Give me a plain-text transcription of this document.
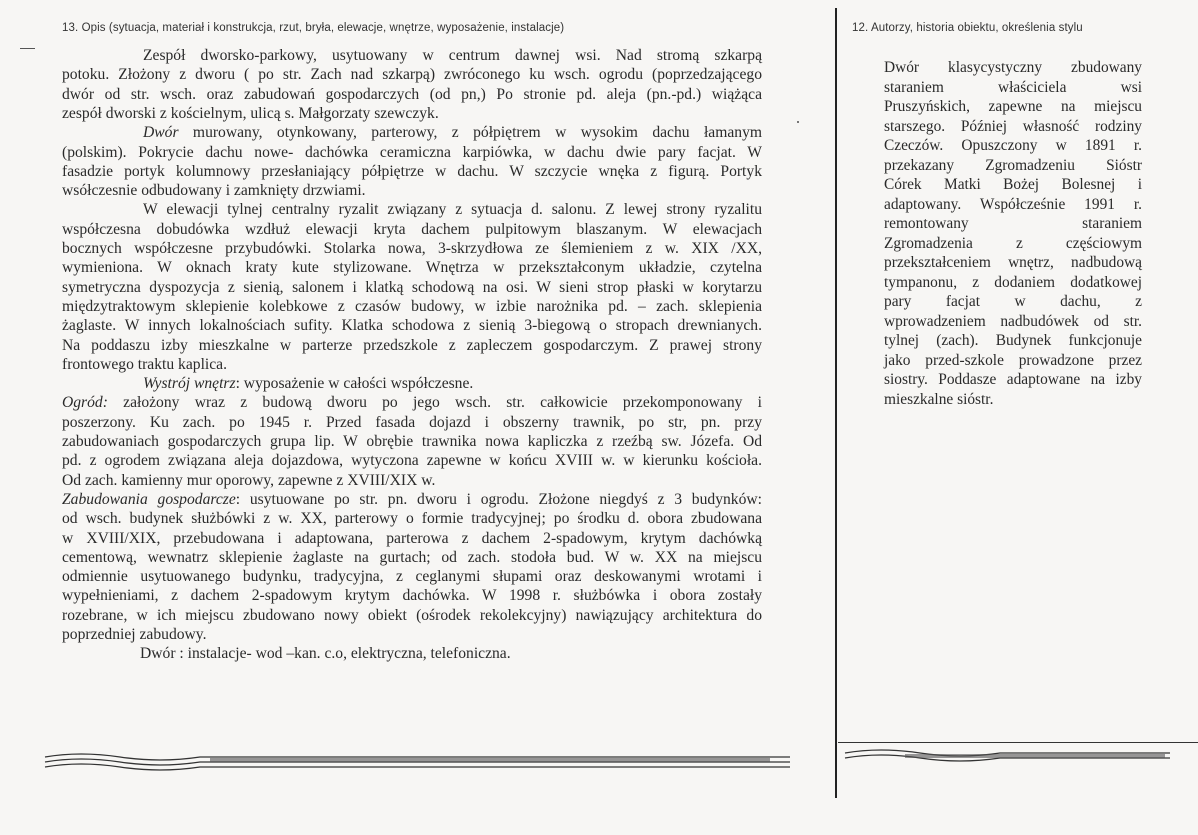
13. Opis (sytuacja, materiał i konstrukcja, rzut, bryła, elewacje, wnętrze, wyposażenie, instalacje)	12. Autorzy, historia obiektu, określenia stylu
Zespół dworsko-parkowy, usytuowany w centrum dawnej wsi. Nad stromą szkarpą
potoku. Złożony z dworu ( po str. Zach nad szkarpą) zwróconego ku wsch. ogrodu (poprzedzającego
dwór od str. wsch. oraz zabudowań gospodarczych (od pn,) Po stronie pd. aleja (pn.-pd.) wiążąca
zespół dworski z kościelnym, ulicą s. Małgorzaty szewczyk.
Dwór murowany, otynkowany, parterowy, z półpiętrem w wysokim dachu łamanym
(polskim). Pokrycie dachu nowe- dachówka ceramiczna karpiówka, w dachu dwie pary facjat. W
fasadzie portyk kolumnowy przesłaniający półpiętrze w dachu. W szczycie wnęka z figurą. Portyk
wsółczesnie odbudowany i zamknięty drzwiami.
W elewacji tylnej centralny ryzalit związany z sytuacja d. salonu. Z lewej strony ryzalitu
współczesna dobudówka wzdłuż elewacji kryta dachem pulpitowym blaszanym. W elewacjach
bocznych współczesne przybudówki. Stolarka nowa, 3-skrzydłowa ze ślemieniem z w. XIX /XX,
wymieniona. W oknach kraty kute stylizowane. Wnętrza w przekształconym układzie, czytelna
symetryczna dyspozycja z sienią, salonem i klatką schodową na osi. W sieni strop płaski w korytarzu
międzytraktowym sklepienie kolebkowe z czasów budowy, w izbie narożnika pd. – zach. sklepienia
żaglaste. W innych lokalnościach sufity. Klatka schodowa z sienią 3-biegową o stropach drewnianych.
Na poddaszu izby mieszkalne w parterze przedszkole z zapleczem gospodarczym. Z prawej strony
frontowego traktu kaplica.
Wystrój wnętrz: wyposażenie w całości współczesne.
Ogród: założony wraz z budową dworu po jego wsch. str. całkowicie przekomponowany i
poszerzony. Ku zach. po 1945 r. Przed fasada dojazd i obszerny trawnik, po str, pn. przy
zabudowaniach gospodarczych grupa lip. W obrębie trawnika nowa kapliczka z rzeźbą sw. Józefa. Od
pd. z ogrodem związana aleja dojazdowa, wytyczona zapewne w końcu XVIII w. w kierunku kościoła.
Od zach. kamienny mur oporowy, zapewne z XVIII/XIX w.
Zabudowania gospodarcze: usytuowane po str. pn. dworu i ogrodu. Złożone niegdyś z 3 budynków:
od wsch. budynek służbówki z w. XX, parterowy o formie tradycyjnej; po środku d. obora zbudowana
w XVIII/XIX, przebudowana i adaptowana, parterowa z dachem 2-spadowym, krytym dachówką
cementową, wewnatrz sklepienie żaglaste na gurtach; od zach. stodoła bud. W w. XX na miejscu
odmiennie usytuowanego budynku, tradycyjna, z ceglanymi słupami oraz deskowanymi wrotami i
wypełnieniami, z dachem 2-spadowym krytym dachówka. W 1998 r. służbówka i obora zostały
rozebrane, w ich miejscu zbudowano nowy obiekt (ośrodek rekolekcyjny) nawiązujący architektura do
poprzedniej zabudowy.
Dwór : instalacje- wod –kan. c.o, elektryczna, telefoniczna.
Dwór klasycystyczny zbudowany
staraniem właściciela wsi
Pruszyńskich, zapewne na miejscu
starszego. Później własność rodziny
Czeczów. Opuszczony w 1891 r.
przekazany Zgromadzeniu Sióstr
Córek Matki Bożej Bolesnej i
adaptowany. Współcześnie 1991 r.
remontowany staraniem
Zgromadzenia z częściowym
przekształceniem wnętrz, nadbudową
tympanonu, z dodaniem dodatkowej
pary facjat w dachu, z
wprowadzeniem nadbudówek od str.
tylnej (zach). Budynek funkcjonuje
jako przed-szkole prowadzone przez
siostry. Poddasze adaptowane na izby
mieszkalne sióstr.
